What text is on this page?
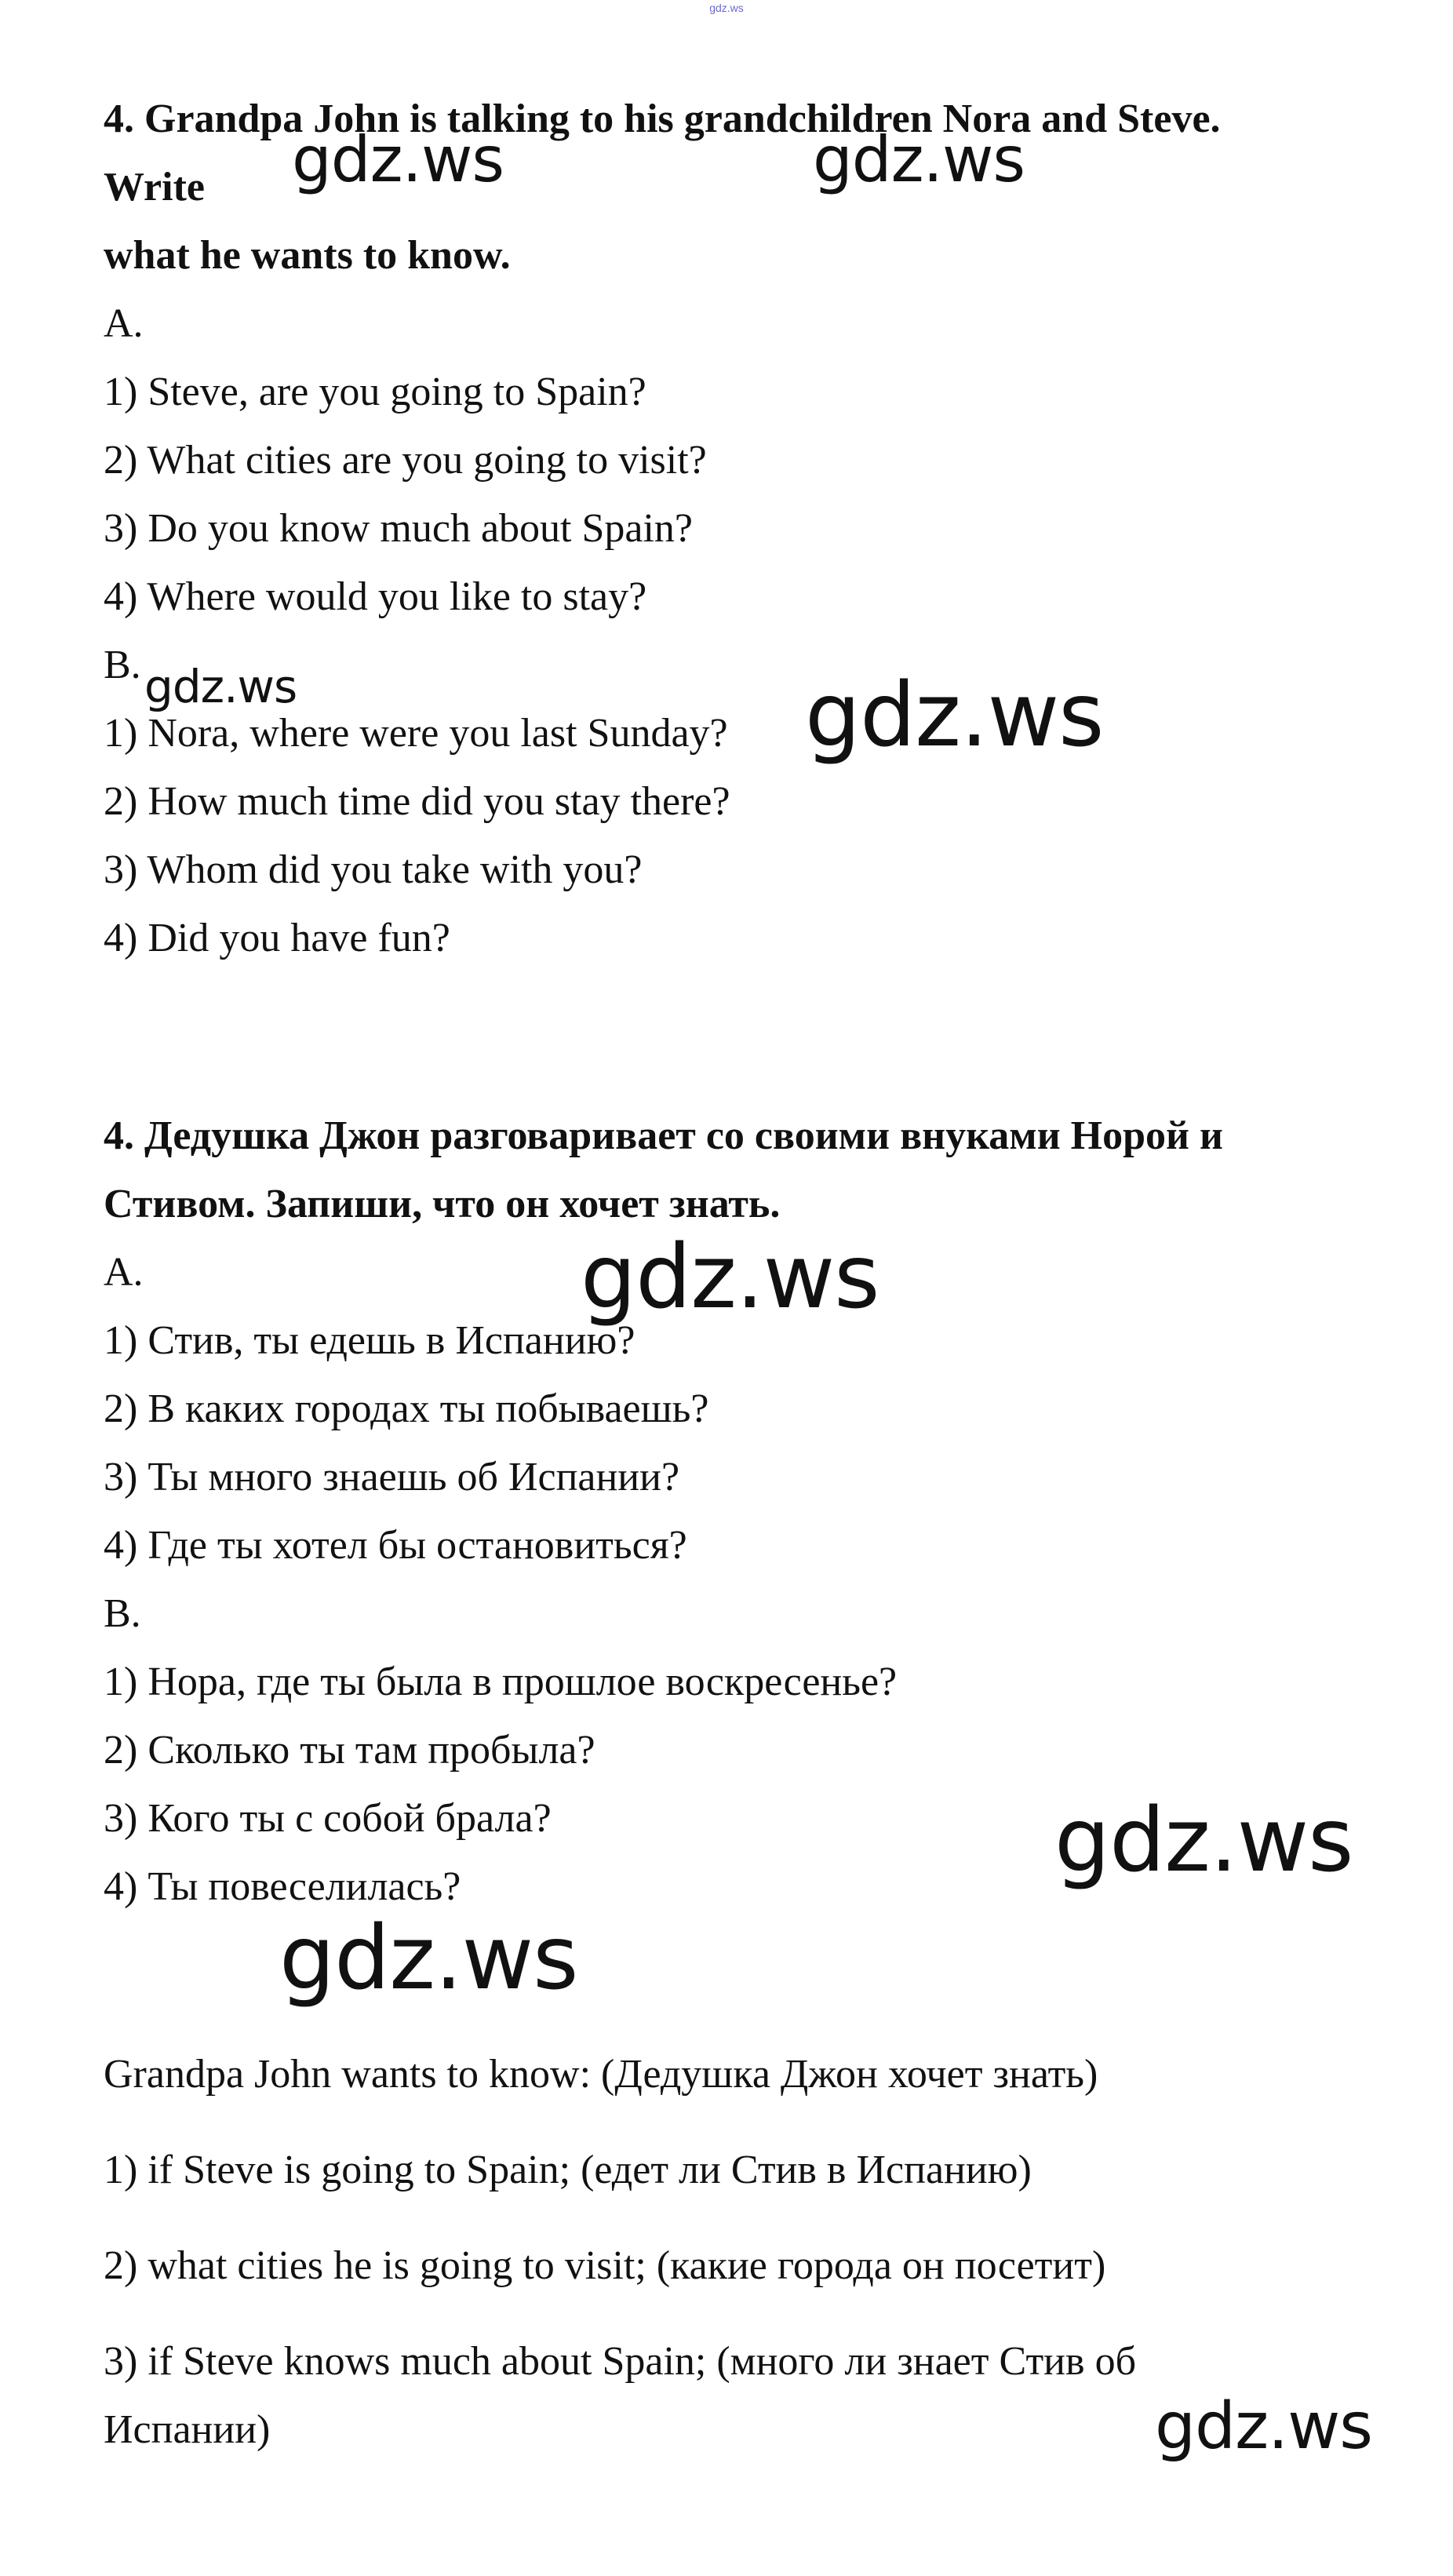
gdz.ws
4. Grandpa John is talking to his grandchildren Nora and Steve.
Write
what he wants to know.
A.
1) Steve, are you going to Spain?
2) What cities are you going to visit?
3) Do you know much about Spain?
4) Where would you like to stay?
B.
1) Nora, where were you last Sunday?
2) How much time did you stay there?
3) Whom did you take with you?
4) Did you have fun?
4. Дедушка Джон разговаривает со своими внуками Норой и
Стивом. Запиши, что он хочет знать.
А.
1) Стив, ты едешь в Испанию?
2) В каких городах ты побываешь?
3) Ты много знаешь об Испании?
4) Где ты хотел бы остановиться?
В.
1) Нора, где ты была в прошлое воскресенье?
2) Сколько ты там пробыла?
3) Кого ты с собой брала?
4) Ты повеселилась?
Grandpa John wants to know: (Дедушка Джон хочет знать)
1) if Steve is going to Spain; (едет ли Стив в Испанию)
2) what cities he is going to visit; (какие города он посетит)
3) if Steve knows much about Spain; (много ли знает Стив об
Испании)
gdz.ws	gdz.ws
gdz.ws	gdz.ws
gdz.ws
gdz.ws
gdz.ws
gdz.ws
